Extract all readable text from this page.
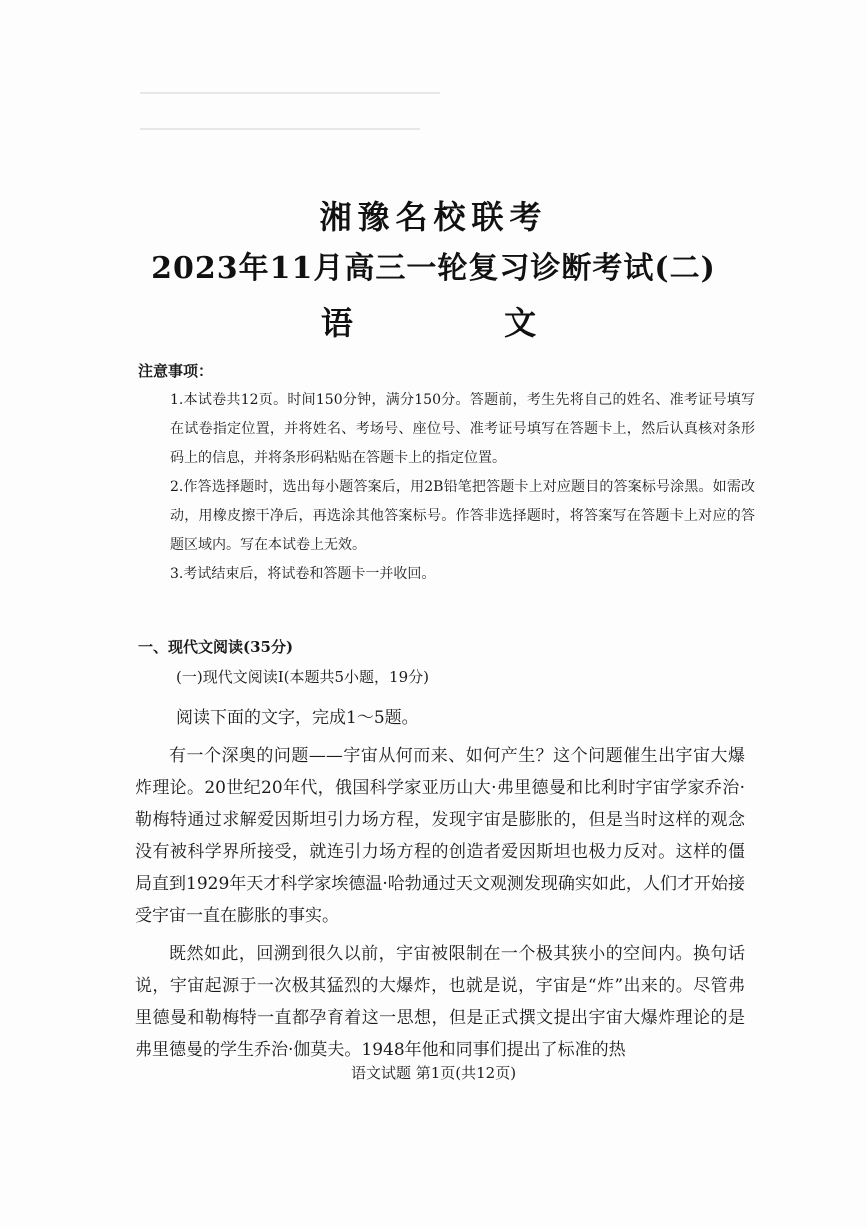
湘豫名校联考
2023年11月高三一轮复习诊断考试(二)
语 文
注意事项：

1.本试卷共12页。时间150分钟，满分150分。答题前，考生先将自己的姓名、准考证号填写在试卷指定位置，并将姓名、考场号、座位号、准考证号填写在答题卡上，然后认真核对条形码上的信息，并将条形码粘贴在答题卡上的指定位置。

2.作答选择题时，选出每小题答案后，用2B铅笔把答题卡上对应题目的答案标号涂黑。如需改动，用橡皮擦干净后，再选涂其他答案标号。作答非选择题时，将答案写在答题卡上对应的答题区域内。写在本试卷上无效。

3.考试结束后，将试卷和答题卡一并收回。

一、现代文阅读(35分)
(一)现代文阅读Ⅰ(本题共5小题，19分)
阅读下面的文字，完成1～5题。

有一个深奥的问题——宇宙从何而来、如何产生？这个问题催生出宇宙大爆炸理论。20世纪20年代，俄国科学家亚历山大·弗里德曼和比利时宇宙学家乔治·勒梅特通过求解爱因斯坦引力场方程，发现宇宙是膨胀的，但是当时这样的观念没有被科学界所接受，就连引力场方程的创造者爱因斯坦也极力反对。这样的僵局直到1929年天才科学家埃德温·哈勃通过天文观测发现确实如此，人们才开始接受宇宙一直在膨胀的事实。

既然如此，回溯到很久以前，宇宙被限制在一个极其狭小的空间内。换句话说，宇宙起源于一次极其猛烈的大爆炸，也就是说，宇宙是“炸”出来的。尽管弗里德曼和勒梅特一直都孕育着这一思想，但是正式撰文提出宇宙大爆炸理论的是弗里德曼的学生乔治·伽莫夫。1948年他和同事们提出了标准的热

语文试题 第1页(共12页)
